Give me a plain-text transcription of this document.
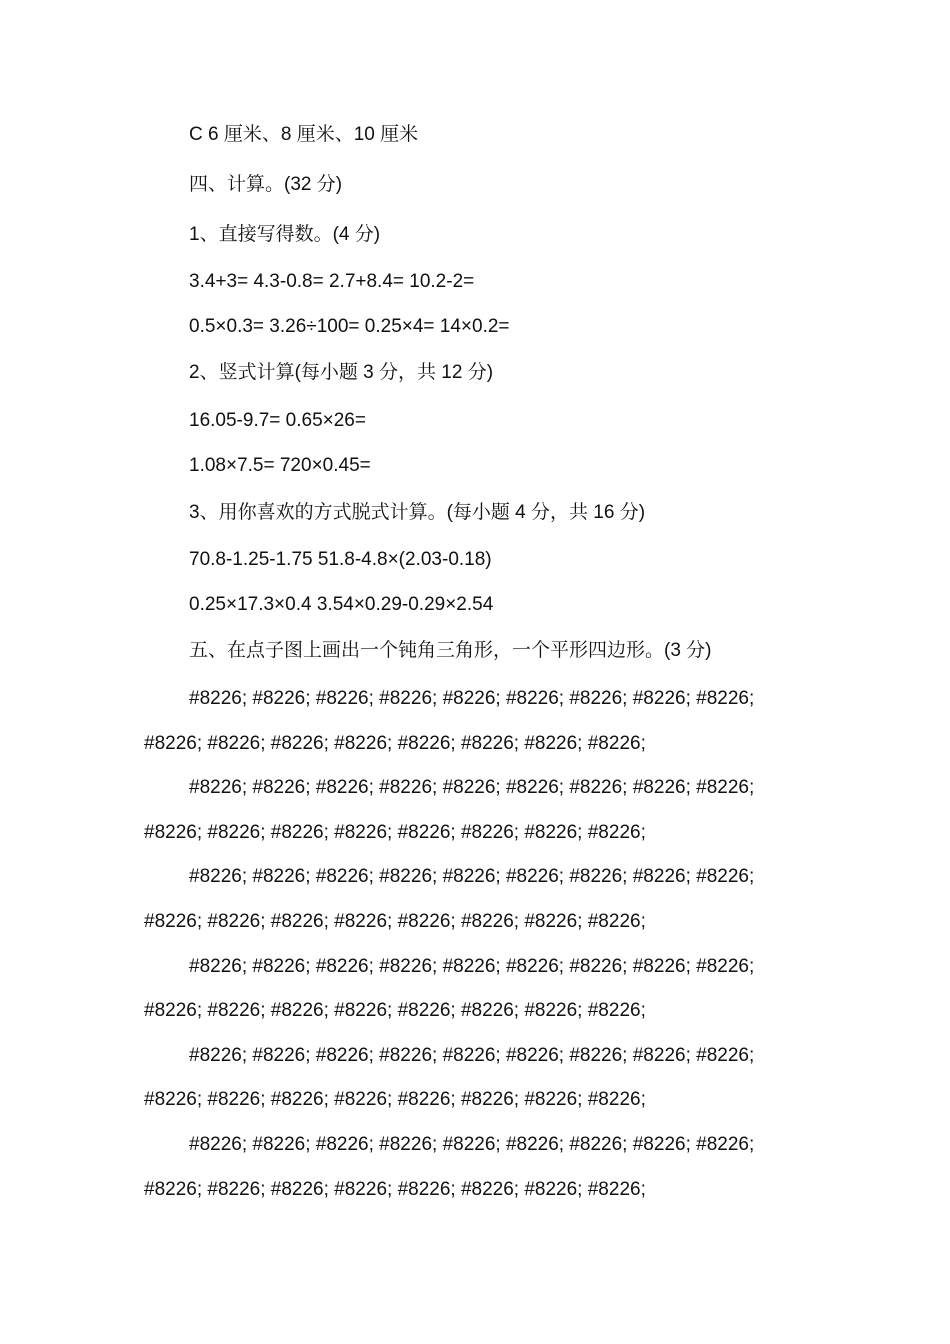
C 6 厘米、8 厘米、10 厘米
四、计算。(32 分)
1、直接写得数。(4 分)
3.4+3= 4.3-0.8= 2.7+8.4= 10.2-2=
0.5×0.3= 3.26÷100= 0.25×4= 14×0.2=
2、竖式计算(每小题 3 分，共 12 分)
16.05-9.7= 0.65×26=
1.08×7.5= 720×0.45=
3、用你喜欢的方式脱式计算。(每小题 4 分，共 16 分)
70.8-1.25-1.75 51.8-4.8×(2.03-0.18)
0.25×17.3×0.4 3.54×0.29-0.29×2.54
五、在点子图上画出一个钝角三角形，一个平形四边形。(3 分)
#8226; #8226; #8226; #8226; #8226; #8226; #8226; #8226; #8226;
#8226; #8226; #8226; #8226; #8226; #8226; #8226; #8226;
#8226; #8226; #8226; #8226; #8226; #8226; #8226; #8226; #8226;
#8226; #8226; #8226; #8226; #8226; #8226; #8226; #8226;
#8226; #8226; #8226; #8226; #8226; #8226; #8226; #8226; #8226;
#8226; #8226; #8226; #8226; #8226; #8226; #8226; #8226;
#8226; #8226; #8226; #8226; #8226; #8226; #8226; #8226; #8226;
#8226; #8226; #8226; #8226; #8226; #8226; #8226; #8226;
#8226; #8226; #8226; #8226; #8226; #8226; #8226; #8226; #8226;
#8226; #8226; #8226; #8226; #8226; #8226; #8226; #8226;
#8226; #8226; #8226; #8226; #8226; #8226; #8226; #8226; #8226;
#8226; #8226; #8226; #8226; #8226; #8226; #8226; #8226;
